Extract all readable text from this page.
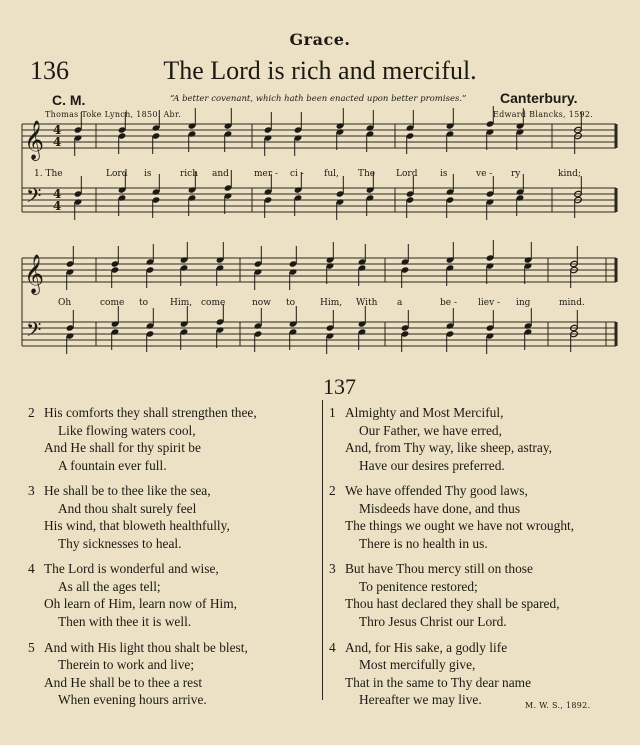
Grace.
136	The Lord is rich and merciful.
C. M.	“A better covenant, which hath been enacted upon better promises.” Canterbury.
Thomas Toke Lynch, 1850. Abr.	Edward Blancks, 1592.
𝄞
𝄢
4
4
4
4
𝄞
𝄢
1. The	Lord is	rich and	mer - ci - ful, The Lord	is	ve - ry	kind;
Oh	come to Him, come	now to	Him, With a	be - liev - ing	mind.
137
2 His comforts they shall strengthen thee,
Like flowing waters cool,
And He shall for thy spirit be
A fountain ever full.
3 He shall be to thee like the sea,
And thou shalt surely feel
His wind, that bloweth healthfully,
Thy sicknesses to heal.
4 The Lord is wonderful and wise,
As all the ages tell;
Oh learn of Him, learn now of Him,
Then with thee it is well.
5 And with His light thou shalt be blest,
Therein to work and live;
And He shall be to thee a rest
When evening hours arrive.
1 Almighty and Most Merciful,
Our Father, we have erred,
And, from Thy way, like sheep, astray,
Have our desires preferred.
2 We have offended Thy good laws,
Misdeeds have done, and thus
The things we ought we have not wrought,
There is no health in us.
3 But have Thou mercy still on those
To penitence restored;
Thou hast declared they shall be spared,
Thro Jesus Christ our Lord.
4 And, for His sake, a godly life
Most mercifully give,
That in the same to Thy dear name
Hereafter we may live.	M. W. S., 1892.
